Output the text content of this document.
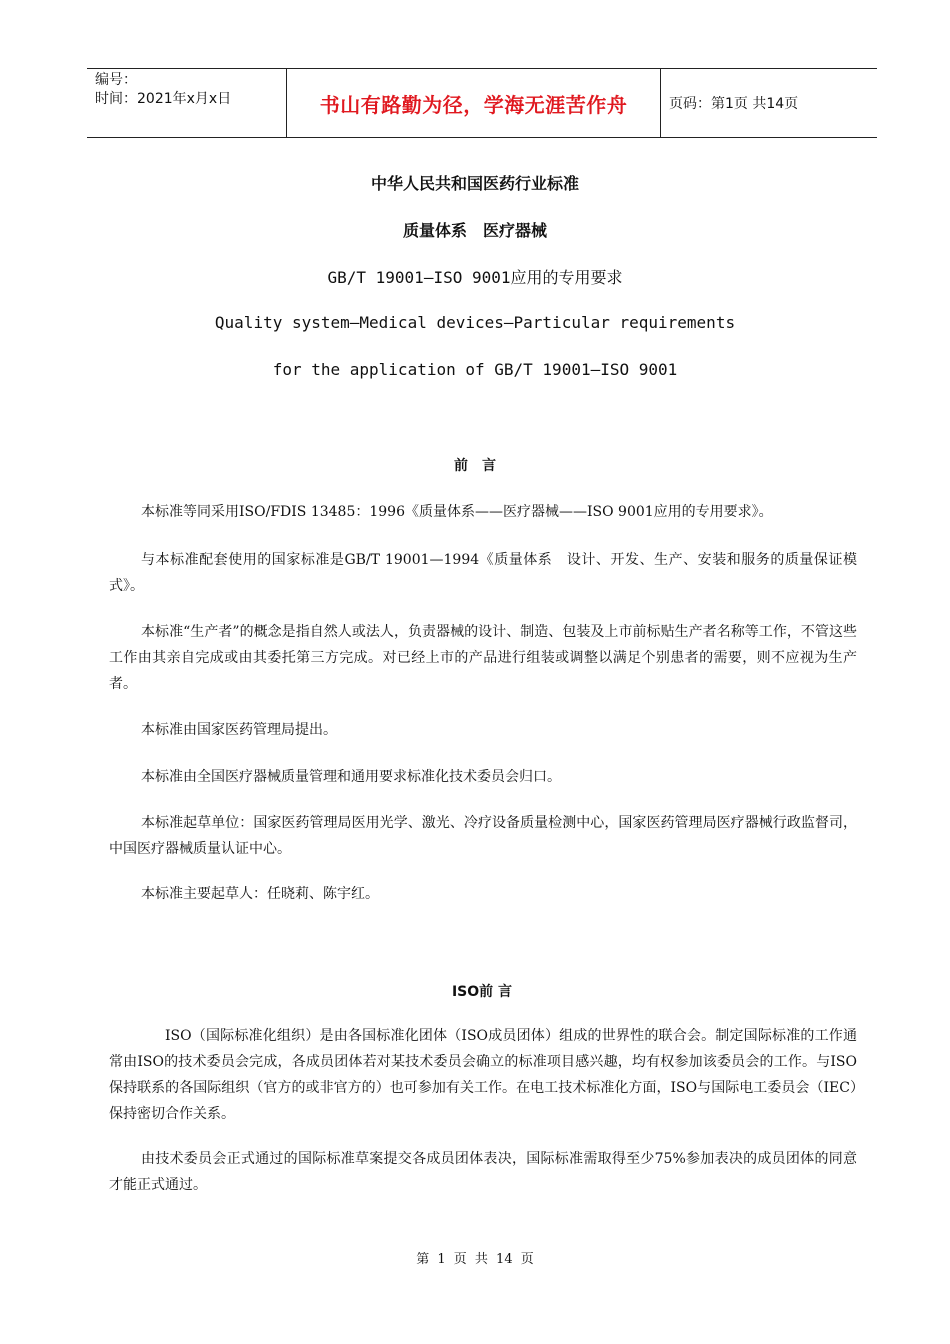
编号：
时间：2021年x月x日	书山有路勤为径，学海无涯苦作舟	页码：第1页 共14页
中华人民共和国医药行业标准
质量体系　医疗器械
GB/T 19001—ISO 9001应用的专用要求
Quality system—Medical devices—Particular requirements
for the application of GB/T 19001—ISO 9001
前言
本标准等同采用ISO/FDIS 13485：1996《质量体系——医疗器械——ISO 9001应用的专用要求》。
与本标准配套使用的国家标准是GB/T 19001—1994《质量体系　设计、开发、生产、安装和服务的质量保证模式》。
本标准“生产者”的概念是指自然人或法人，负责器械的设计、制造、包装及上市前标贴生产者名称等工作，不管这些工作由其亲自完成或由其委托第三方完成。对已经上市的产品进行组装或调整以满足个别患者的需要，则不应视为生产者。
本标准由国家医药管理局提出。
本标准由全国医疗器械质量管理和通用要求标准化技术委员会归口。
本标准起草单位：国家医药管理局医用光学、激光、冷疗设备质量检测中心，国家医药管理局医疗器械行政监督司，中国医疗器械质量认证中心。
本标准主要起草人：任晓莉、陈宇红。
ISO前 言
ISO（国际标准化组织）是由各国标准化团体（ISO成员团体）组成的世界性的联合会。制定国际标准的工作通常由ISO的技术委员会完成，各成员团体若对某技术委员会确立的标准项目感兴趣，均有权参加该委员会的工作。与ISO保持联系的各国际组织（官方的或非官方的）也可参加有关工作。在电工技术标准化方面，ISO与国际电工委员会（IEC）保持密切合作关系。
由技术委员会正式通过的国际标准草案提交各成员团体表决，国际标准需取得至少75%参加表决的成员团体的同意才能正式通过。
第 1 页 共 14 页
